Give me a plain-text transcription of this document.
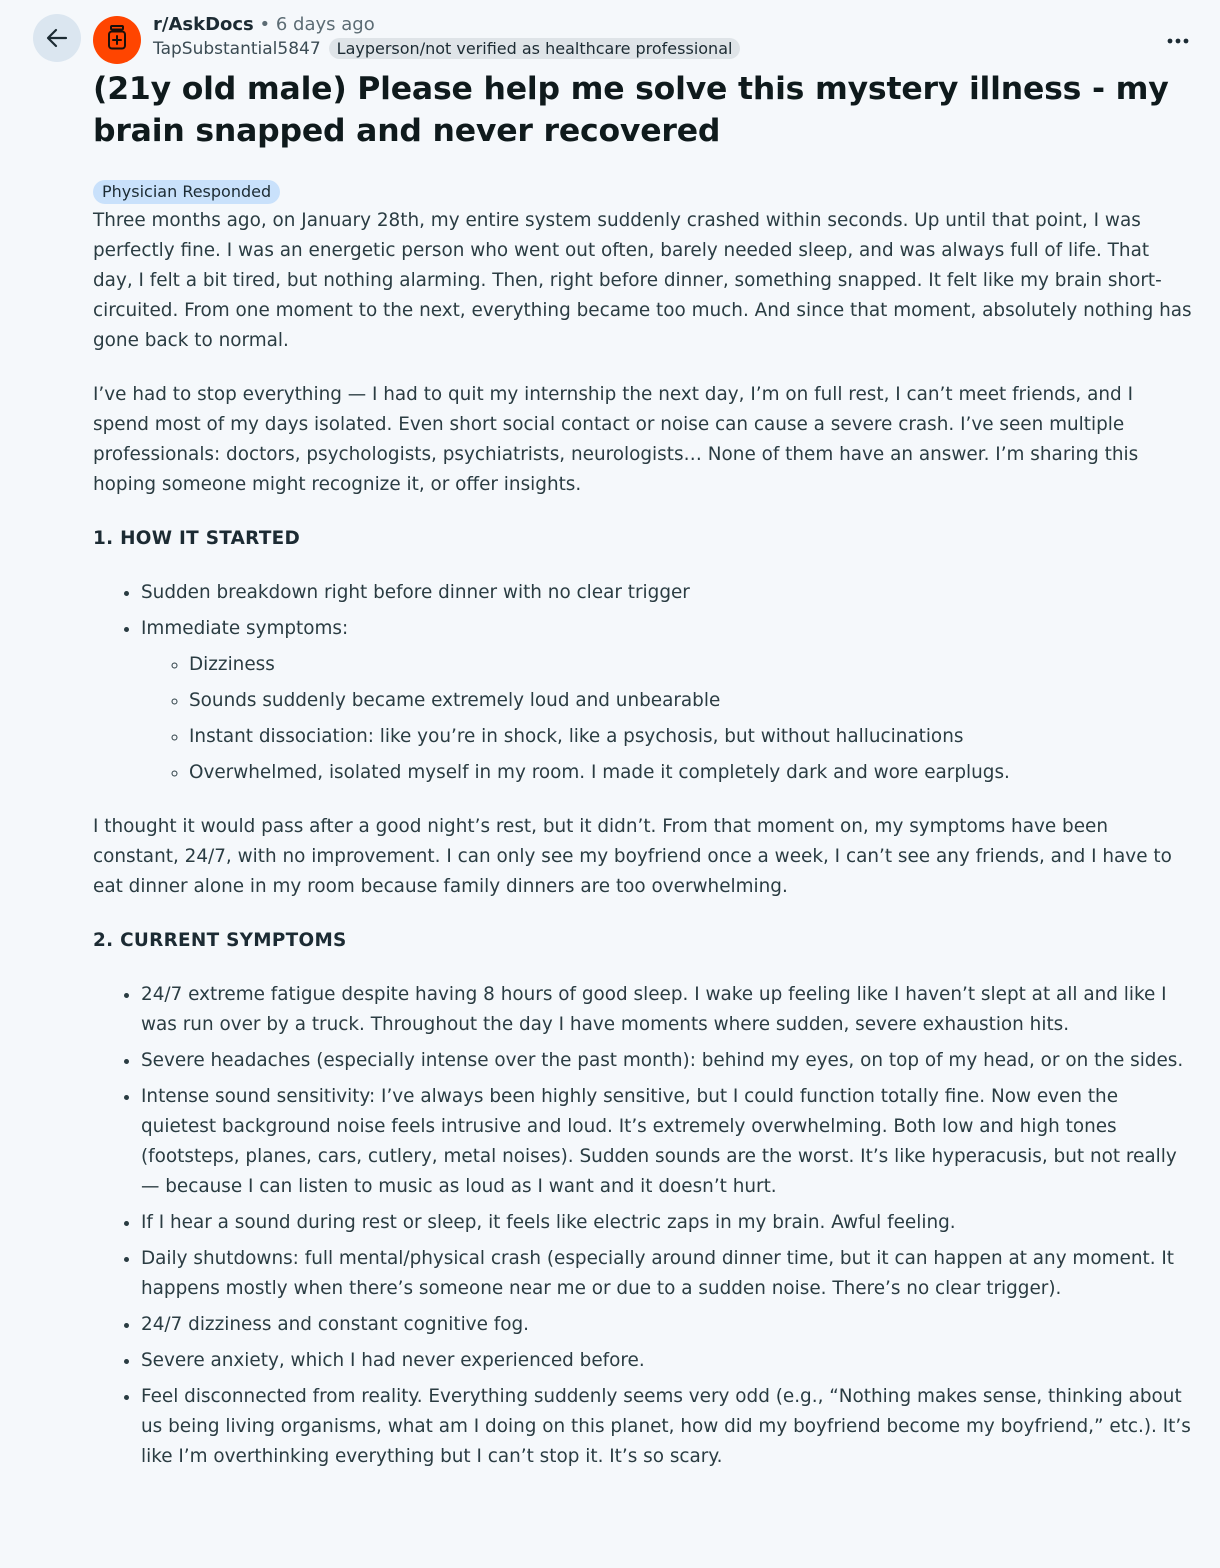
r/AskDocs • 6 days ago
TapSubstantial5847	Layperson/not verified as healthcare professional
(21y old male) Please help me solve this mystery illness - my brain snapped and never recovered
Physician Responded

Three months ago, on January 28th, my entire system suddenly crashed within seconds. Up until that point, I was perfectly fine. I was an energetic person who went out often, barely needed sleep, and was always full of life. That day, I felt a bit tired, but nothing alarming. Then, right before dinner, something snapped. It felt like my brain short-circuited. From one moment to the next, everything became too much. And since that moment, absolutely nothing has gone back to normal.

I’ve had to stop everything — I had to quit my internship the next day, I’m on full rest, I can’t meet friends, and I spend most of my days isolated. Even short social contact or noise can cause a severe crash. I’ve seen multiple professionals: doctors, psychologists, psychiatrists, neurologists… None of them have an answer. I’m sharing this hoping someone might recognize it, or offer insights.

1. HOW IT STARTED

• Sudden breakdown right before dinner with no clear trigger
• Immediate symptoms:
◦ Dizziness
◦ Sounds suddenly became extremely loud and unbearable
◦ Instant dissociation: like you’re in shock, like a psychosis, but without hallucinations
◦ Overwhelmed, isolated myself in my room. I made it completely dark and wore earplugs.

I thought it would pass after a good night’s rest, but it didn’t. From that moment on, my symptoms have been constant, 24/7, with no improvement. I can only see my boyfriend once a week, I can’t see any friends, and I have to eat dinner alone in my room because family dinners are too overwhelming.

2. CURRENT SYMPTOMS

• 24/7 extreme fatigue despite having 8 hours of good sleep. I wake up feeling like I haven’t slept at all and like I was run over by a truck. Throughout the day I have moments where sudden, severe exhaustion hits.
• Severe headaches (especially intense over the past month): behind my eyes, on top of my head, or on the sides.
• Intense sound sensitivity: I’ve always been highly sensitive, but I could function totally fine. Now even the quietest background noise feels intrusive and loud. It’s extremely overwhelming. Both low and high tones (footsteps, planes, cars, cutlery, metal noises). Sudden sounds are the worst. It’s like hyperacusis, but not really — because I can listen to music as loud as I want and it doesn’t hurt.
• If I hear a sound during rest or sleep, it feels like electric zaps in my brain. Awful feeling.
• Daily shutdowns: full mental/physical crash (especially around dinner time, but it can happen at any moment. It happens mostly when there’s someone near me or due to a sudden noise. There’s no clear trigger).
• 24/7 dizziness and constant cognitive fog.
• Severe anxiety, which I had never experienced before.
• Feel disconnected from reality. Everything suddenly seems very odd (e.g., “Nothing makes sense, thinking about us being living organisms, what am I doing on this planet, how did my boyfriend become my boyfriend,” etc.). It’s like I’m overthinking everything but I can’t stop it. It’s so scary.
